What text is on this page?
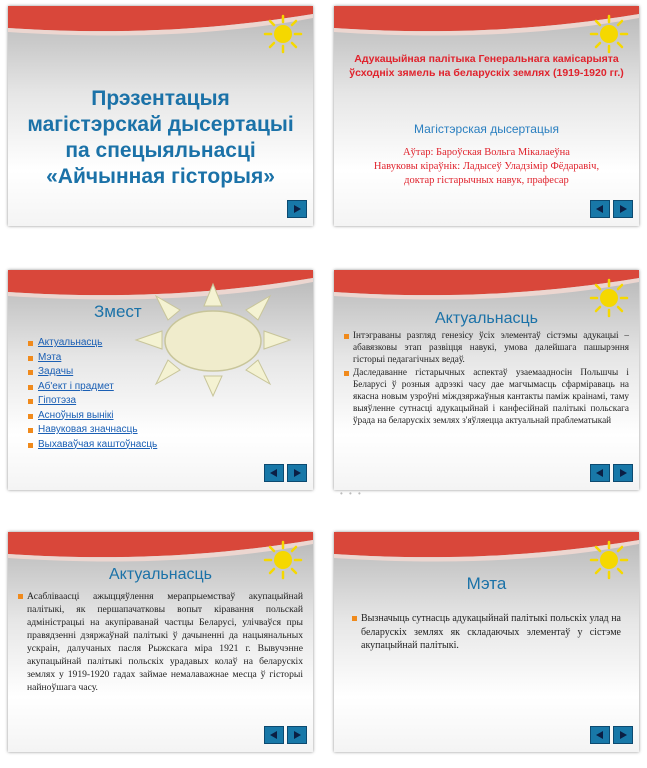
Прэзентацыя магістэрскай дысертацыі па спецыяльнасці «Айчынная гісторыя»
Адукацыйная палітыка Генеральнага камісарыята ўсходніх зямель на беларускіх землях (1919-1920 гг.)
Магістэрская дысертацыя
Аўтар: Бароўская Вольга Мікалаеўна
Навуковы кіраўнік: Ладысеў Уладзімір Фёдаравіч,
доктар гістарычных навук, прафесар
Змест
Актуальнасць
Мэта
Задачы
Аб'ект і прадмет
Гіпотэза
Асноўныя вынікі
Навуковая значнасць
Выхаваўчая каштоўнасць
Актуальнасць
Інтэграваны разгляд генезісу ўсіх элементаў сістэмы адукацыі – абавязковы этап развіцця навукі, умова далейшага пашырэння гісторыі педагагічных ведаў.
Даследаванне гістарычных аспектаў узаемаадносін Польшчы і Беларусі ў розныя адрэзкі часу дае магчымасць сфарміраваць на якасна новым узроўні міждзяржаўныя кантакты паміж краінамі, таму выяўленне сутнасці адукацыйнай і канфесійнай палітыкі польскага ўрада на беларускіх землях з'яўляецца актуальнай праблематыкай
• • •
Актуальнасць
Асабліваасці ажыццяўлення мерапрыемстваў акупацыйнай палітыкі, як першапачатковы вопыт кіравання польскай адміністрацыі на акупіраванай частцы Беларусі, улічваўся пры правядзенні дзяржаўнай палітыкі ў дачыненні да нацыянальных ускраін, далучаных пасля Рыжскага міра 1921 г. Вывучэнне акупацыйнай палітыкі польскіх урадавых колаў на беларускіх землях у 1919-1920 гадах займае немалаважнае месца ў гісторыі найноўшага часу.
Мэта
Вызначыць сутнасць адукацыйнай палітыкі польскіх улад на беларускіх землях як складаючых элементаў у сістэме акупацыйнай палітыкі.
